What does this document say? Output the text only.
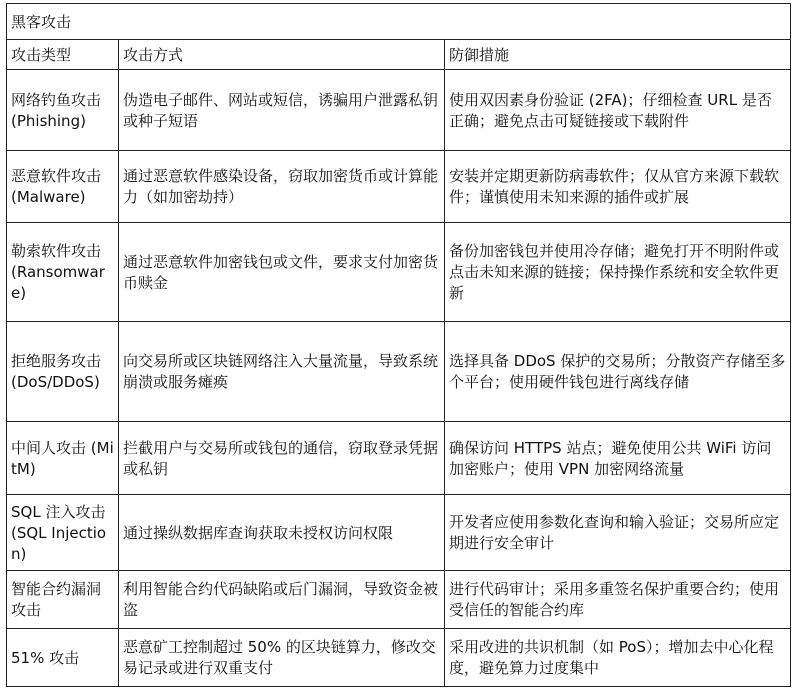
黑客攻击		
攻击类型	攻击方式	防御措施
网络钓鱼攻击 (Phishing)	伪造电子邮件、网站或短信，诱骗用户泄露私钥或种子短语	使用双因素身份验证 (2FA)；仔细检查 URL 是否正确；避免点击可疑链接或下载附件
恶意软件攻击 (Malware)	通过恶意软件感染设备，窃取加密货币或计算能力（如加密劫持）	安装并定期更新防病毒软件；仅从官方来源下载软件；谨慎使用未知来源的插件或扩展
勒索软件攻击 (Ransomware)	通过恶意软件加密钱包或文件，要求支付加密货币赎金	备份加密钱包并使用冷存储；避免打开不明附件或点击未知来源的链接；保持操作系统和安全软件更新
拒绝服务攻击 (DoS/DDoS)	向交易所或区块链网络注入大量流量，导致系统崩溃或服务瘫痪	选择具备 DDoS 保护的交易所；分散资产存储至多个平台；使用硬件钱包进行离线存储
中间人攻击 (MitM)	拦截用户与交易所或钱包的通信，窃取登录凭据或私钥	确保访问 HTTPS 站点；避免使用公共 WiFi 访问加密账户；使用 VPN 加密网络流量
SQL 注入攻击 (SQL Injection)	通过操纵数据库查询获取未授权访问权限	开发者应使用参数化查询和输入验证；交易所应定期进行安全审计
智能合约漏洞攻击	利用智能合约代码缺陷或后门漏洞，导致资金被盗	进行代码审计；采用多重签名保护重要合约；使用受信任的智能合约库
51% 攻击	恶意矿工控制超过 50% 的区块链算力，修改交易记录或进行双重支付	采用改进的共识机制（如 PoS）；增加去中心化程度，避免算力过度集中
